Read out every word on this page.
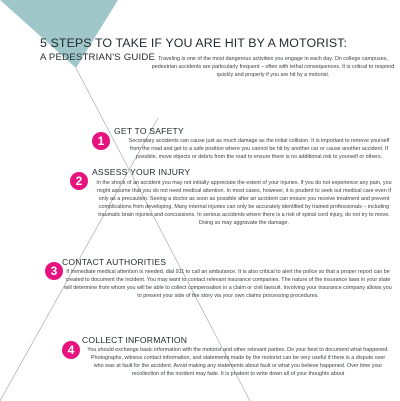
5 STEPS TO TAKE IF YOU ARE HIT BY A MOTORIST:
A PEDESTRIAN'S GUIDE Traveling is one of the most dangerous activities you engage in each day. On college campuses, pedestrian accidents are particularly frequent – often with lethal consequences. It is critical to respond quickly and properly if you are hit by a motorist.

1
GET TO SAFETY

Secondary accidents can cause just as much damage as the initial collision. It is important to remove yourself from the road and get to a safe position where you cannot be hit by another car or cause another accident. If possible, move objects or debris from the road to ensure there is no additional risk to yourself or others.

2
ASSESS YOUR INJURY

In the shock of an accident you may not initially appreciate the extent of your injuries. If you do not experience any pain, you might assume that you do not need medical attention. In most cases, however, it is prudent to seek out medical care even if only as a precaution. Seeing a doctor as soon as possible after an accident can ensure you receive treatment and prevent complications from developing. Many internal injuries can only be accurately identified by trained professionals – including traumatic brain injuries and concussions. In serious accidents where there is a risk of spinal cord injury, do not try to move. Doing so may aggravate the damage.

3
CONTACT AUTHORITIES

If immediate medical attention is needed, dial 911 to call an ambulance. It is also critical to alert the police so that a proper report can be created to document the incident. You may want to contact relevant insurance companies. The nature of the insurance laws in your state will determine from whom you will be able to collect compensation in a claim or civil lawsuit. Involving your insurance company allows you to present your side of the story via your own claims processing procedures.

4
COLLECT INFORMATION

You should exchange basic information with the motorist and other relevant parties. Do your best to document what happened. Photographs, witness contact information, and statements made by the motorist can be very useful if there is a dispute over who was at fault for the accident. Avoid making any statements about fault or what you believe happened. Over time your recollection of the incident may fade. It is prudent to write down all of your thoughts about
